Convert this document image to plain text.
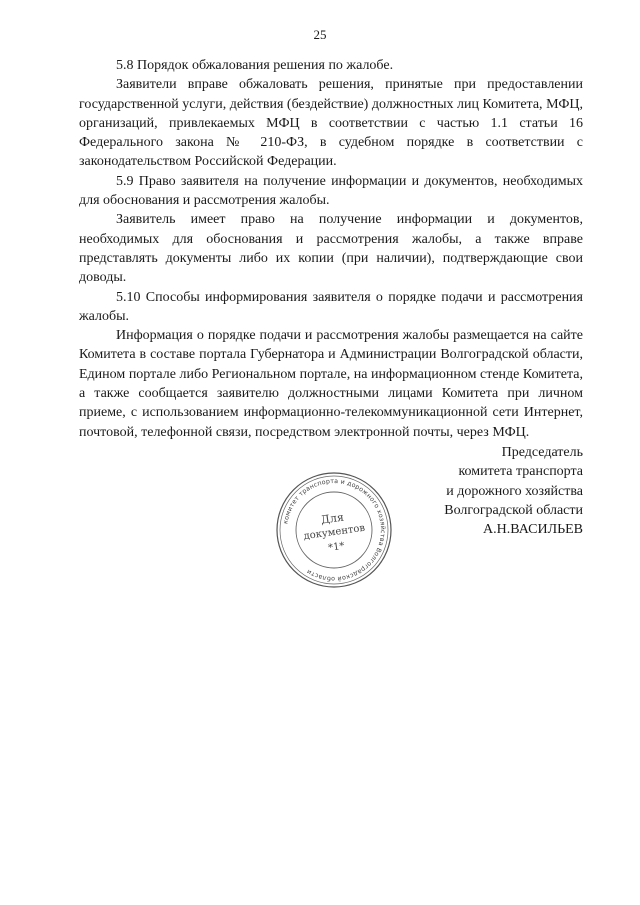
25

5.8 Порядок обжалования решения по жалобе.

Заявители вправе обжаловать решения, принятые при предоставлении государственной услуги, действия (бездействие) должностных лиц Комитета, МФЦ, организаций, привлекаемых МФЦ в соответствии с частью 1.1 статьи 16 Федерального закона № 210-ФЗ, в судебном порядке в соответствии с законодательством Российской Федерации.

5.9 Право заявителя на получение информации и документов, необходимых для обоснования и рассмотрения жалобы.

Заявитель имеет право на получение информации и документов, необходимых для обоснования и рассмотрения жалобы, а также вправе представлять документы либо их копии (при наличии), подтверждающие свои доводы.

5.10 Способы информирования заявителя о порядке подачи и рассмотрения жалобы.

Информация о порядке подачи и рассмотрения жалобы размещается на сайте Комитета в составе портала Губернатора и Администрации Волгоградской области, Едином портале либо Региональном портале, на информационном стенде Комитета, а также сообщается заявителю должностными лицами Комитета при личном приеме, с использованием информационно-телекоммуникационной сети Интернет, почтовой, телефонной связи, посредством электронной почты, через МФЦ.

Председатель
комитета транспорта
и дорожного хозяйства
Волгоградской области
А.Н.ВАСИЛЬЕВ
комитет транспорта и дорожного хозяйства Волгоградской области
Для
документов
*1*
